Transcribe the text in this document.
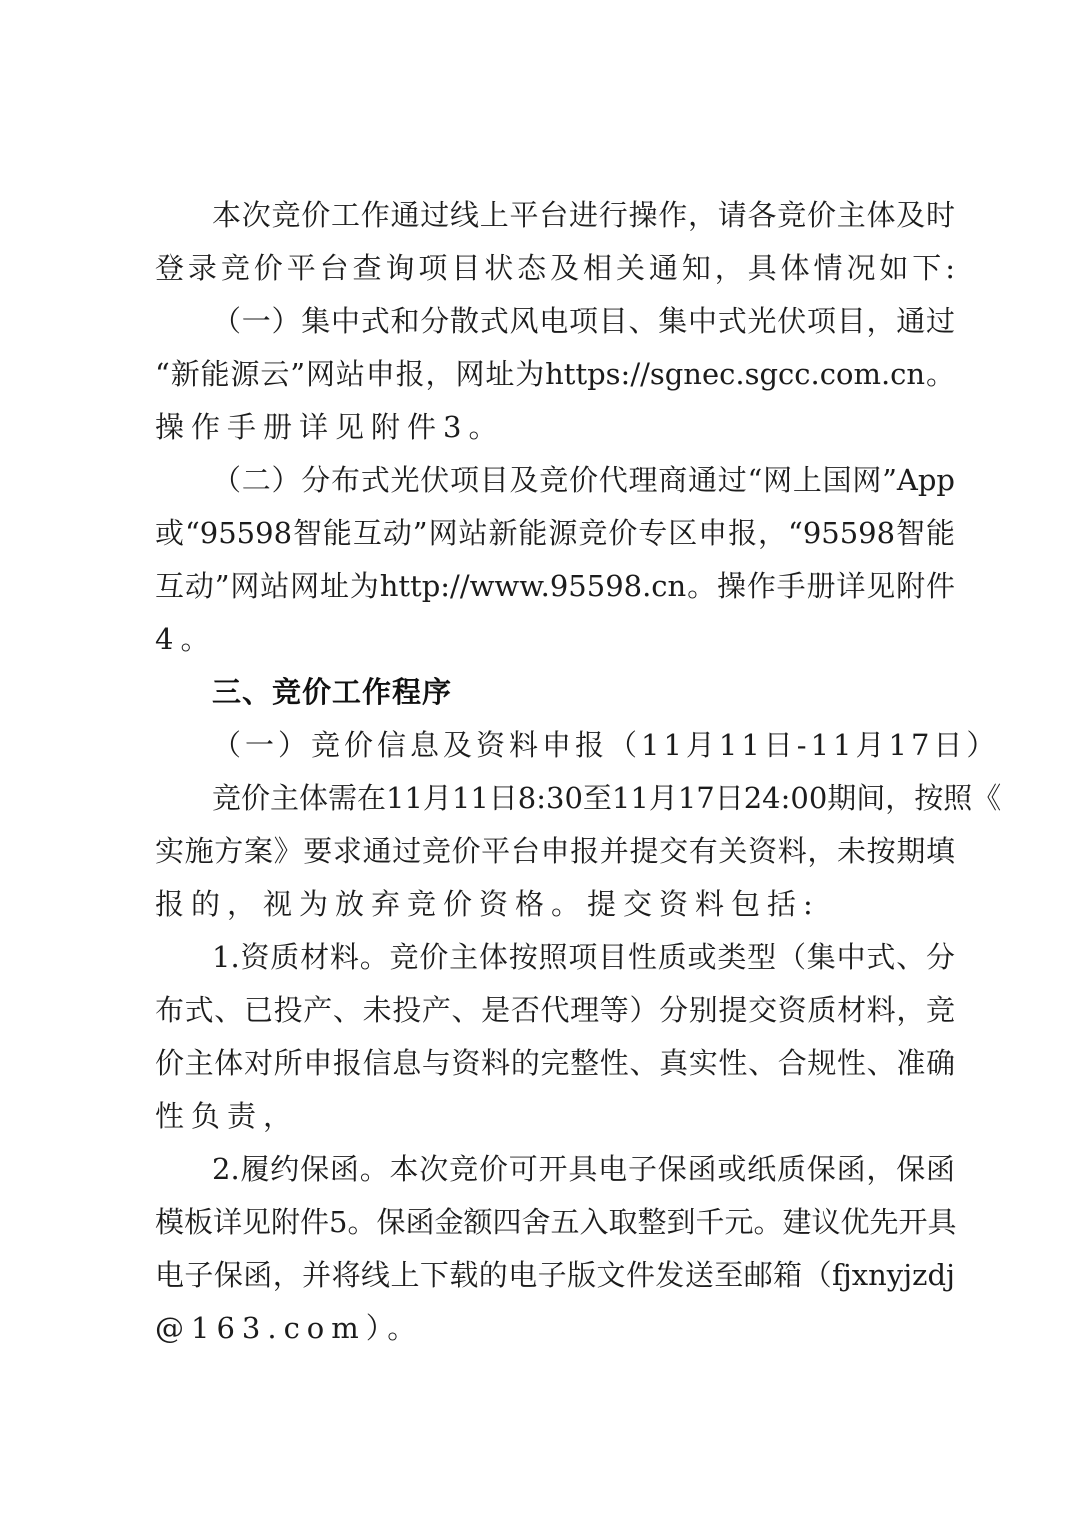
本次竞价工作通过线上平台进行操作，请各竞价主体及时
登录竞价平台查询项目状态及相关通知，具体情况如下:
（一）集中式和分散式风电项目、集中式光伏项目，通过
“新能源云”网站申报，网址为https://sgnec.sgcc.com.cn。
操作手册详见附件3。
（二）分布式光伏项目及竞价代理商通过“网上国网”App
或“95598智能互动”网站新能源竞价专区申报，“95598智能
互动”网站网址为http://www.95598.cn。操作手册详见附件
4。
三、竞价工作程序
（一）竞价信息及资料申报（11月11日-11月17日）
竞价主体需在11月11日8:30至11月17日24:00期间，按照《
实施方案》要求通过竞价平台申报并提交有关资料，未按期填
报的，视为放弃竞价资格。提交资料包括:
1.资质材料。竞价主体按照项目性质或类型（集中式、分
布式、已投产、未投产、是否代理等）分别提交资质材料，竞
价主体对所申报信息与资料的完整性、真实性、合规性、准确
性负责，
2.履约保函。本次竞价可开具电子保函或纸质保函，保函
模板详见附件5。保函金额四舍五入取整到千元。建议优先开具
电子保函，并将线上下载的电子版文件发送至邮箱（fjxnyjzdj
@163.com）。
